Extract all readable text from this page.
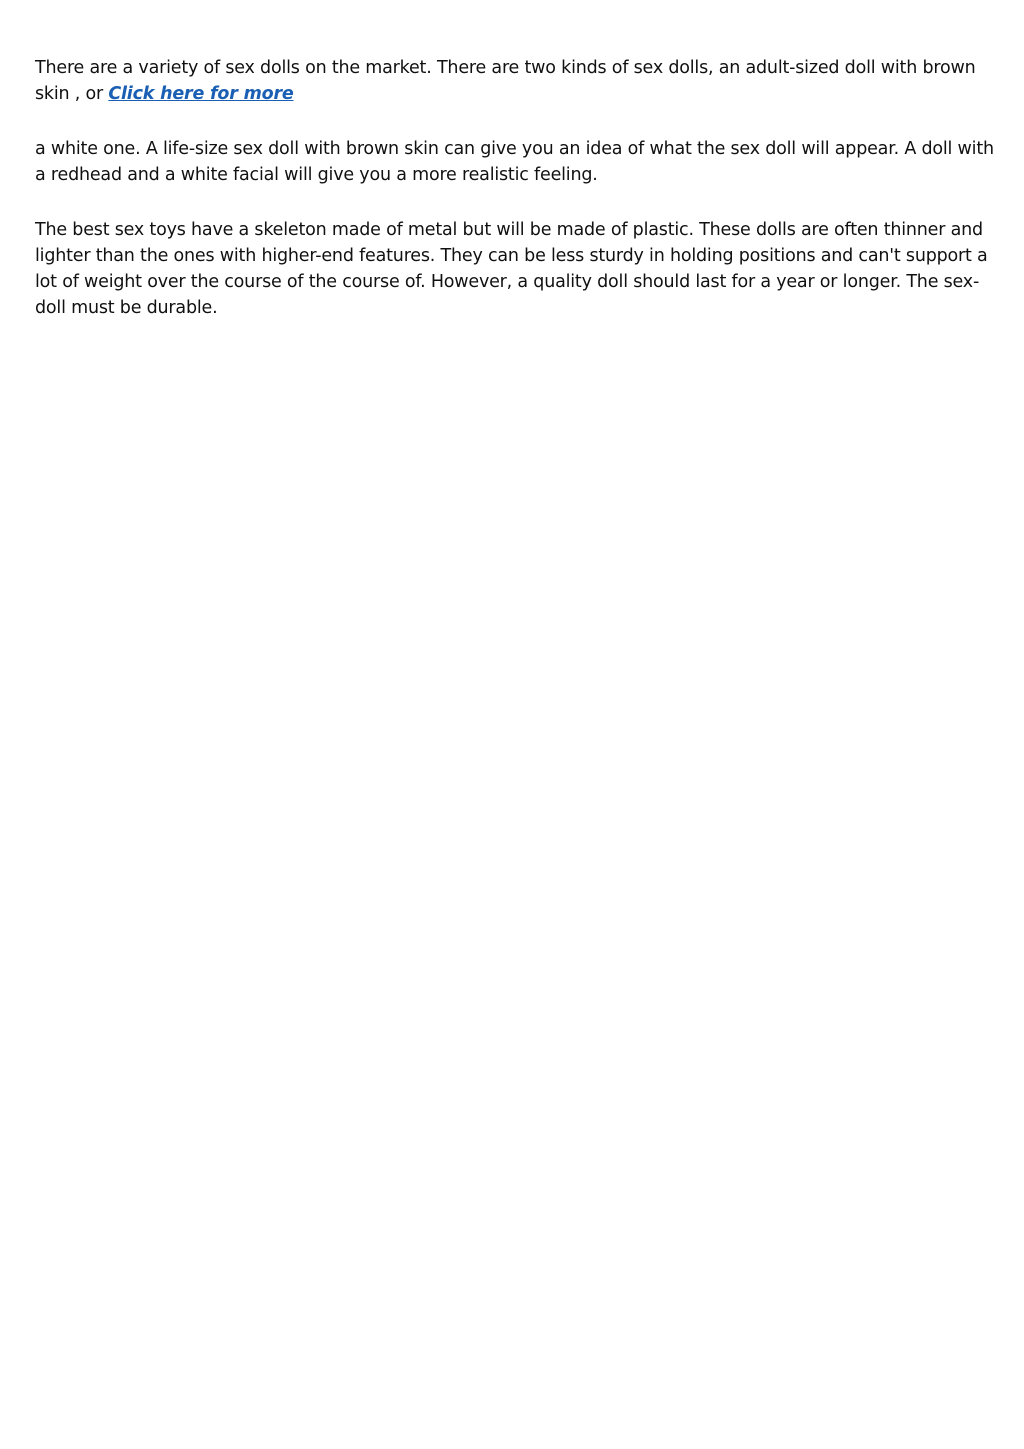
There are a variety of sex dolls on the market. There are two kinds of sex dolls, an adult-sized doll with brown skin , or Click here for more

a white one. A life-size sex doll with brown skin can give you an idea of what the sex doll will appear. A doll with a redhead and a white facial will give you a more realistic feeling.

The best sex toys have a skeleton made of metal but will be made of plastic. These dolls are often thinner and lighter than the ones with higher-end features. They can be less sturdy in holding positions and can't support a lot of weight over the course of the course of. However, a quality doll should last for a year or longer. The sex-doll must be durable.
